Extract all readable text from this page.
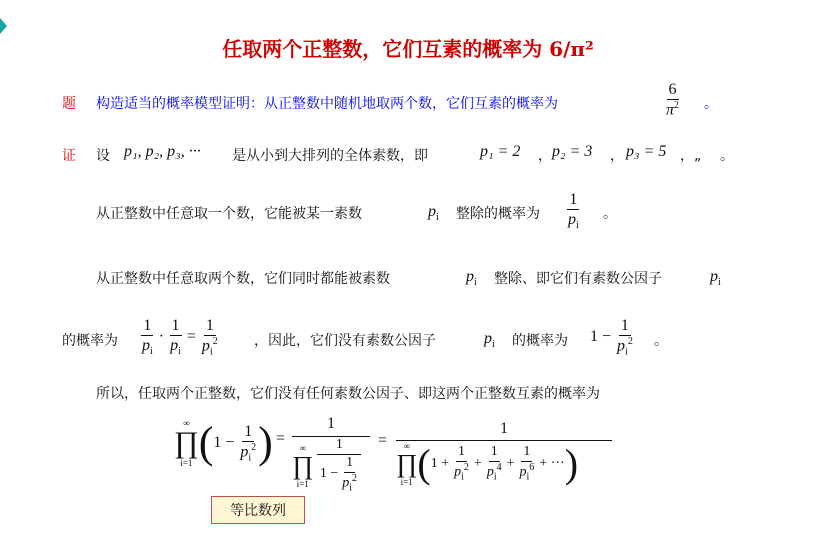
任取两个正整数，它们互素的概率为 6/π²
题 构造适当的概率模型证明：从正整数中随机地取两个数，它们互素的概率为	$\frac{6}{\pi^2}$ 。
证 设 p₁, p₂, p₃, ··· 是从小到大排列的全体素数，即	p₁ = 2 ， p₂ = 3 ， p₃ = 5 ，„ 。
从正整数中任意取一个数，它能被某一素数	$p_i$ 整除的概率为 $\frac{1}{p_i}$ 。
从正整数中任意取两个数，它们同时都能被素数	$p_i$ 整除、即它们有素数公因子	$p_i$
的概率为 $\frac{1}{p_i} \cdot \frac{1}{p_i} = \frac{1}{p_i^2}$ ，因此，它们没有素数公因子	$p_i$ 的概率为 $1 - \frac{1}{p_i^2}$ 。
所以，任取两个正整数，它们没有任何素数公因子、即这两个正整数互素的概率为
∞
∏
i=1 ( $1 - \frac{1}{p_i^2}$ ) =
1
∞
∏
$i=1 \frac{1}{1 - \frac{1}{p_i^2}}$ =
1
∞
∏
i=1 ( $1 + \frac{1}{p_i^2} + \frac{1}{p_i^4} + \frac{1}{p_i^6}$ + ··· )
等比数列
